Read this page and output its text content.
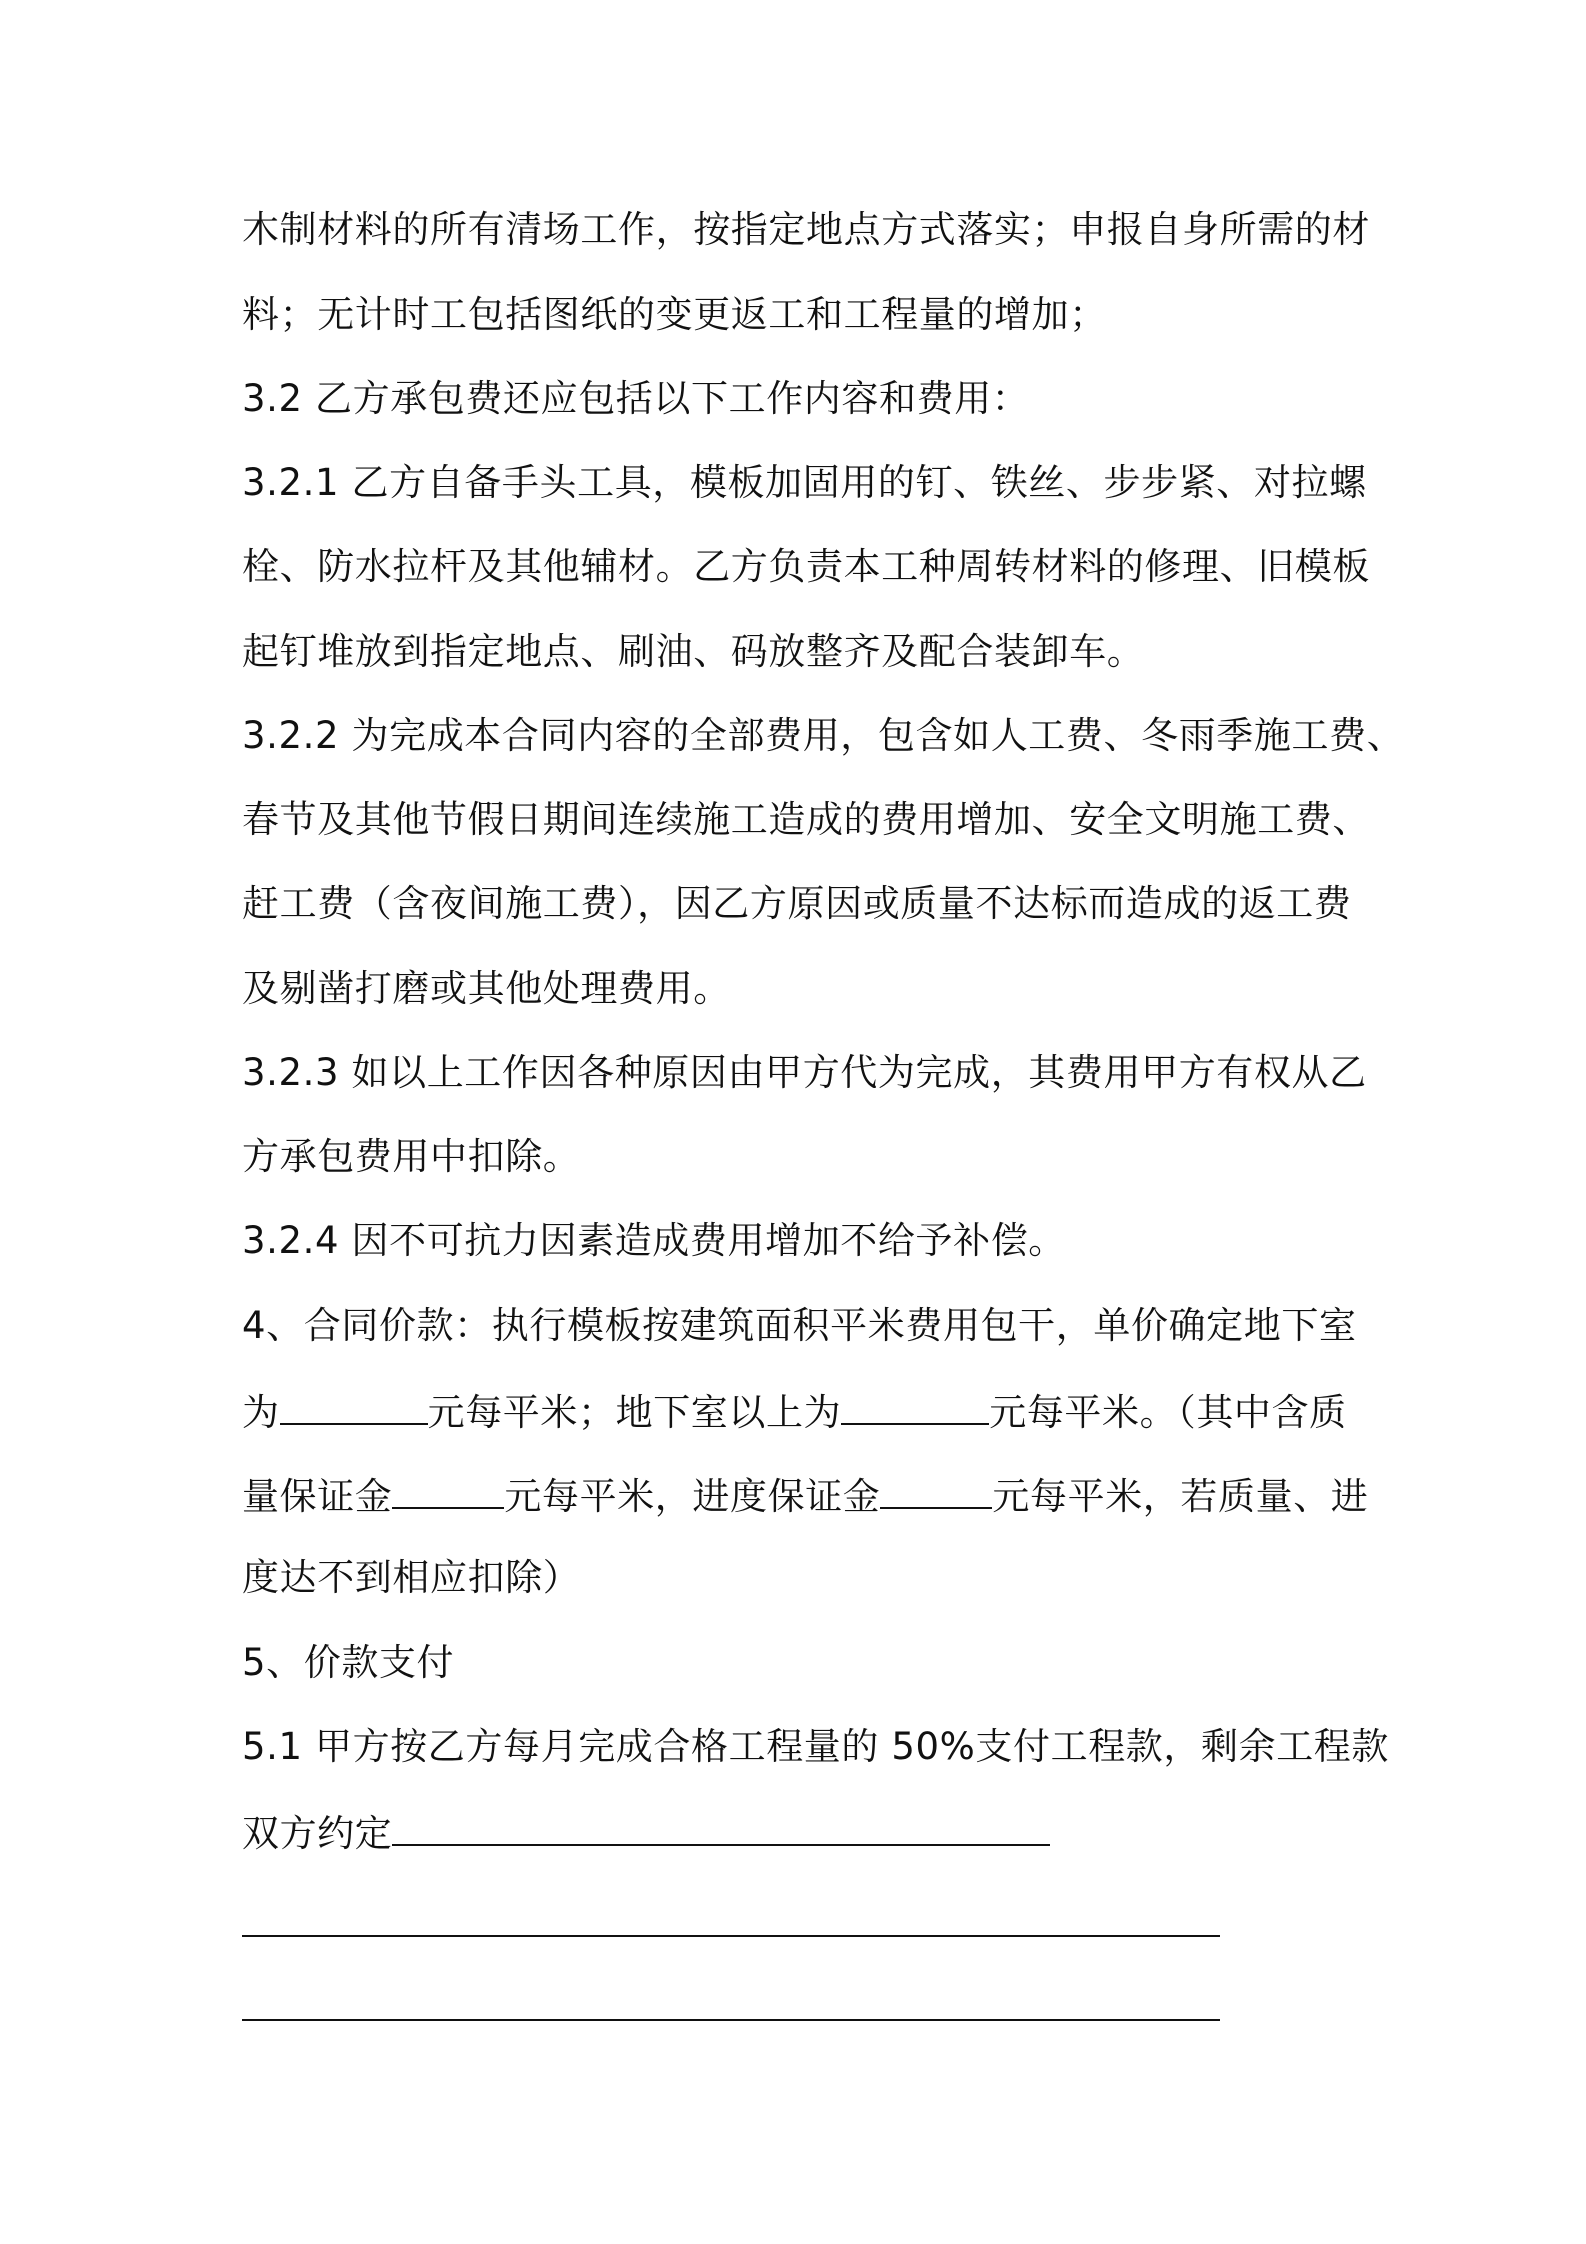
木制材料的所有清场工作，按指定地点方式落实；申报自身所需的材
料；无计时工包括图纸的变更返工和工程量的增加；
3.2 乙方承包费还应包括以下工作内容和费用：
3.2.1 乙方自备手头工具，模板加固用的钉、铁丝、步步紧、对拉螺
栓、防水拉杆及其他辅材。乙方负责本工种周转材料的修理、旧模板
起钉堆放到指定地点、刷油、码放整齐及配合装卸车。
3.2.2 为完成本合同内容的全部费用，包含如人工费、冬雨季施工费、
春节及其他节假日期间连续施工造成的费用增加、安全文明施工费、
赶工费（含夜间施工费），因乙方原因或质量不达标而造成的返工费
及剔凿打磨或其他处理费用。
3.2.3 如以上工作因各种原因由甲方代为完成，其费用甲方有权从乙
方承包费用中扣除。
3.2.4 因不可抗力因素造成费用增加不给予补偿。
4、合同价款：执行模板按建筑面积平米费用包干，单价确定地下室
为	元每平米；地下室以上为	元每平米。（其中含质
量保证金	元每平米，进度保证金	元每平米，若质量、进
度达不到相应扣除）
5、价款支付
5.1 甲方按乙方每月完成合格工程量的 50%支付工程款，剩余工程款
双方约定
